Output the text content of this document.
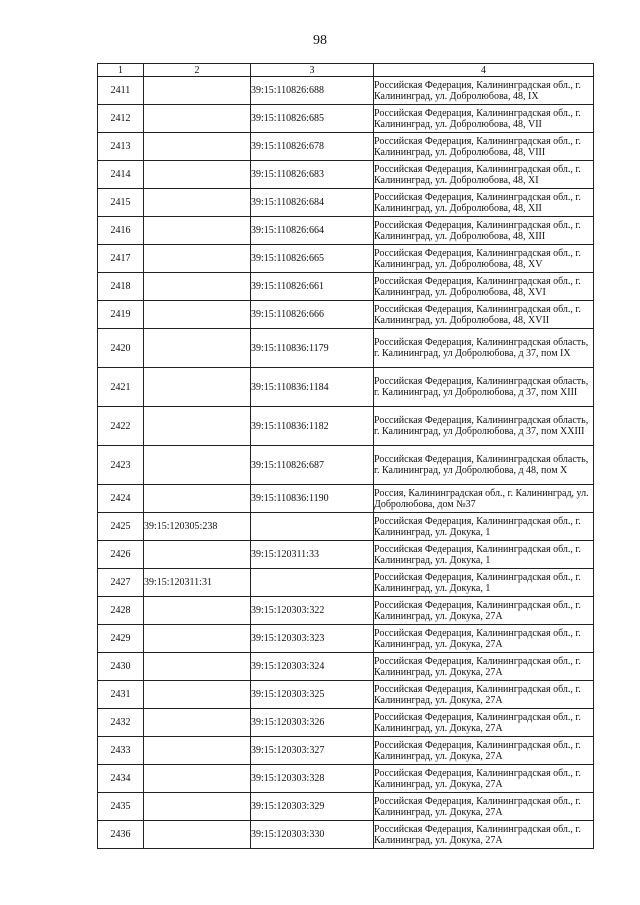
98
1	2	3	4
2411		39:15:110826:688	Российская Федерация, Калининградская обл., г. Калининград, ул. Добролюбова, 48, IX
2412		39:15:110826:685	Российская Федерация, Калининградская обл., г. Калининград, ул. Добролюбова, 48, VII
2413		39:15:110826:678	Российская Федерация, Калининградская обл., г. Калининград, ул. Добролюбова, 48, VIII
2414		39:15:110826:683	Российская Федерация, Калининградская обл., г. Калининград, ул. Добролюбова, 48, XI
2415		39:15:110826:684	Российская Федерация, Калининградская обл., г. Калининград, ул. Добролюбова, 48, XII
2416		39:15:110826:664	Российская Федерация, Калининградская обл., г. Калининград, ул. Добролюбова, 48, XIII
2417		39:15:110826:665	Российская Федерация, Калининградская обл., г. Калининград, ул. Добролюбова, 48, XV
2418		39:15:110826:661	Российская Федерация, Калининградская обл., г. Калининград, ул. Добролюбова, 48, XVI
2419		39:15:110826:666	Российская Федерация, Калининградская обл., г. Калининград, ул. Добролюбова, 48, XVII
2420		39:15:110836:1179	Российская Федерация, Калининградская область, г. Калининград, ул Добролюбова, д 37, пом IX
2421		39:15:110836:1184	Российская Федерация, Калининградская область, г. Калининград, ул Добролюбова, д 37, пом XIII
2422		39:15:110836:1182	Российская Федерация, Калининградская область, г. Калининград, ул Добролюбова, д 37, пом XXIII
2423		39:15:110826:687	Российская Федерация, Калининградская область, г. Калининград, ул Добролюбова, д 48, пом X
2424		39:15:110836:1190	Россия, Калининградская обл., г. Калининград, ул. Добролюбова, дом №37
2425	39:15:120305:238		Российская Федерация, Калининградская обл., г. Калининград, ул. Докука, 1
2426		39:15:120311:33	Российская Федерация, Калининградская обл., г. Калининград, ул. Докука, 1
2427	39:15:120311:31		Российская Федерация, Калининградская обл., г. Калининград, ул. Докука, 1
2428		39:15:120303:322	Российская Федерация, Калининградская обл., г. Калининград, ул. Докука, 27А
2429		39:15:120303:323	Российская Федерация, Калининградская обл., г. Калининград, ул. Докука, 27А
2430		39:15:120303:324	Российская Федерация, Калининградская обл., г. Калининград, ул. Докука, 27А
2431		39:15:120303:325	Российская Федерация, Калининградская обл., г. Калининград, ул. Докука, 27А
2432		39:15:120303:326	Российская Федерация, Калининградская обл., г. Калининград, ул. Докука, 27А
2433		39:15:120303:327	Российская Федерация, Калининградская обл., г. Калининград, ул. Докука, 27А
2434		39:15:120303:328	Российская Федерация, Калининградская обл., г. Калининград, ул. Докука, 27А
2435		39:15:120303:329	Российская Федерация, Калининградская обл., г. Калининград, ул. Докука, 27А
2436		39:15:120303:330	Российская Федерация, Калининградская обл., г. Калининград, ул. Докука, 27А
